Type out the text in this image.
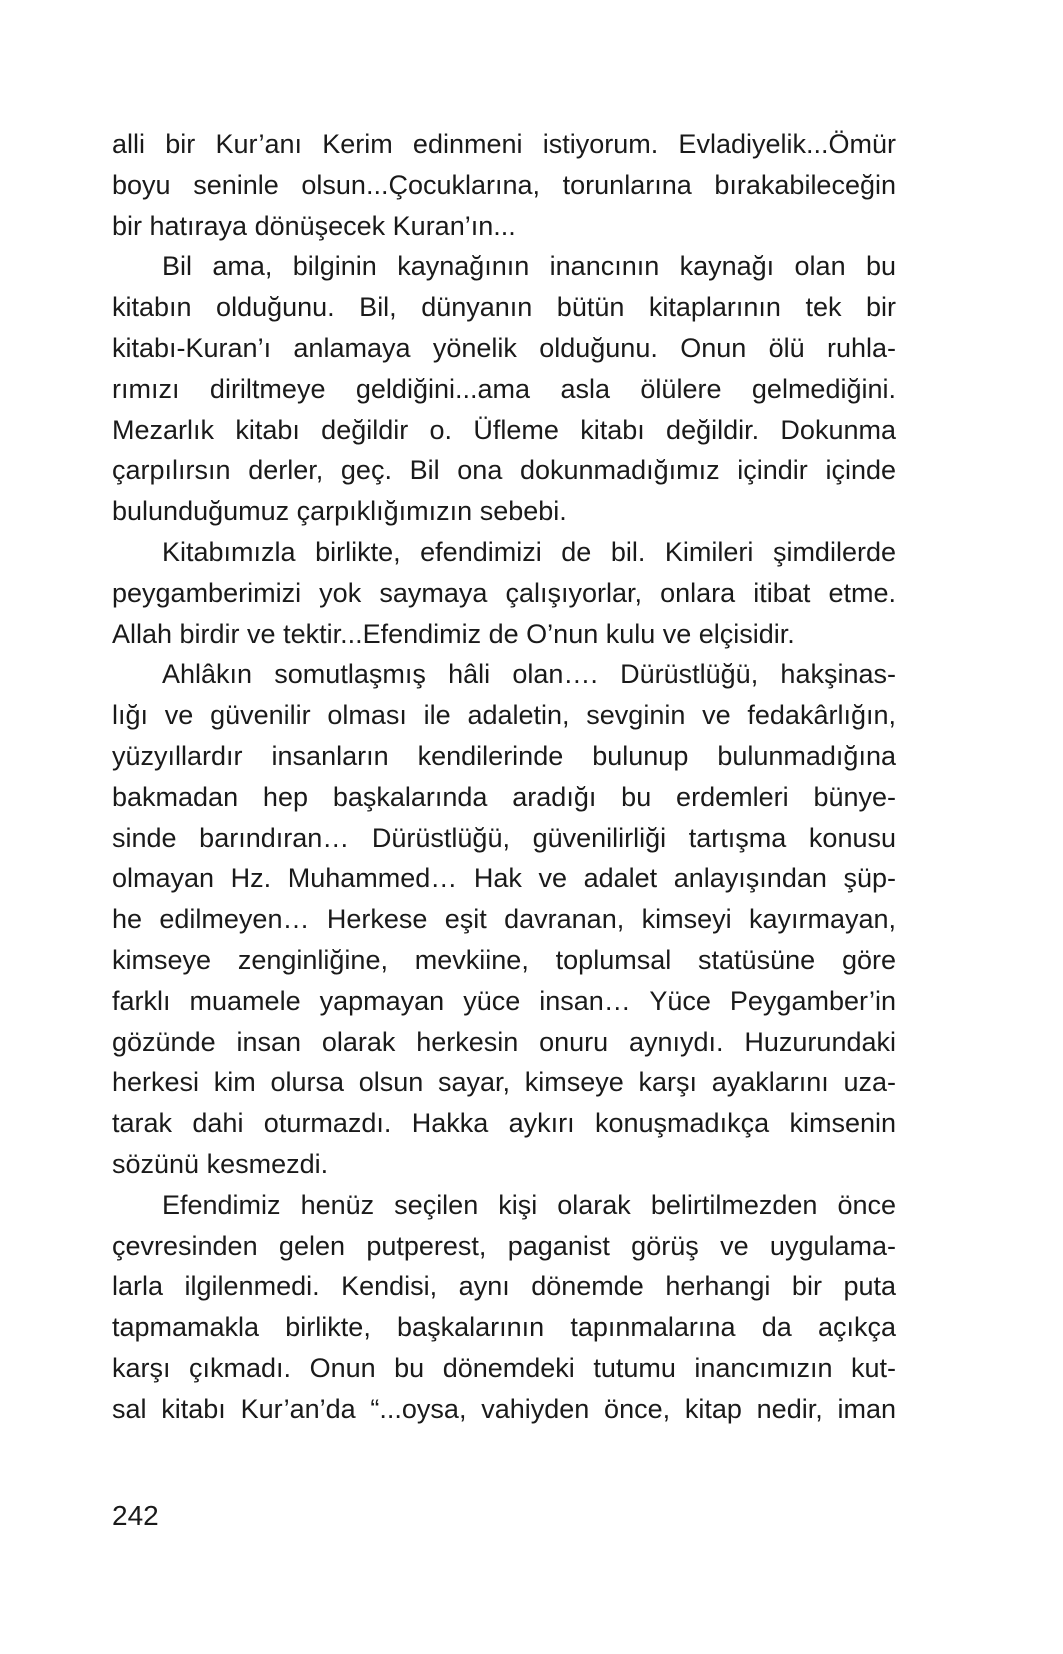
alli bir Kur’anı Kerim edinmeni istiyorum. Evladiyelik...Ömür
boyu seninle olsun...Çocuklarına, torunlarına bırakabileceğin
bir hatıraya dönüşecek Kuran’ın...
Bil ama, bilginin kaynağının inancının kaynağı olan bu
kitabın olduğunu. Bil, dünyanın bütün kitaplarının tek bir
kitabı-Kuran’ı anlamaya yönelik olduğunu. Onun ölü ruhla-
rımızı diriltmeye geldiğini...ama asla ölülere gelmediğini.
Mezarlık kitabı değildir o. Üfleme kitabı değildir. Dokunma
çarpılırsın derler, geç. Bil ona dokunmadığımız içindir içinde
bulunduğumuz çarpıklığımızın sebebi.
Kitabımızla birlikte, efendimizi de bil. Kimileri şimdilerde
peygamberimizi yok saymaya çalışıyorlar, onlara itibat etme.
Allah birdir ve tektir...Efendimiz de O’nun kulu ve elçisidir.
Ahlâkın somutlaşmış hâli olan…. Dürüstlüğü, hakşinas-
lığı ve güvenilir olması ile adaletin, sevginin ve fedakârlığın,
yüzyıllardır insanların kendilerinde bulunup bulunmadığına
bakmadan hep başkalarında aradığı bu erdemleri bünye-
sinde barındıran… Dürüstlüğü, güvenilirliği tartışma konusu
olmayan Hz. Muhammed… Hak ve adalet anlayışından şüp-
he edilmeyen… Herkese eşit davranan, kimseyi kayırmayan,
kimseye zenginliğine, mevkiine, toplumsal statüsüne göre
farklı muamele yapmayan yüce insan… Yüce Peygamber’in
gözünde insan olarak herkesin onuru aynıydı. Huzurundaki
herkesi kim olursa olsun sayar, kimseye karşı ayaklarını uza-
tarak dahi oturmazdı. Hakka aykırı konuşmadıkça kimsenin
sözünü kesmezdi.
Efendimiz henüz seçilen kişi olarak belirtilmezden önce
çevresinden gelen putperest, paganist görüş ve uygulama-
larla ilgilenmedi. Kendisi, aynı dönemde herhangi bir puta
tapmamakla birlikte, başkalarının tapınmalarına da açıkça
karşı çıkmadı. Onun bu dönemdeki tutumu inancımızın kut-
sal kitabı Kur’an’da “...oysa, vahiyden önce, kitap nedir, iman
242
